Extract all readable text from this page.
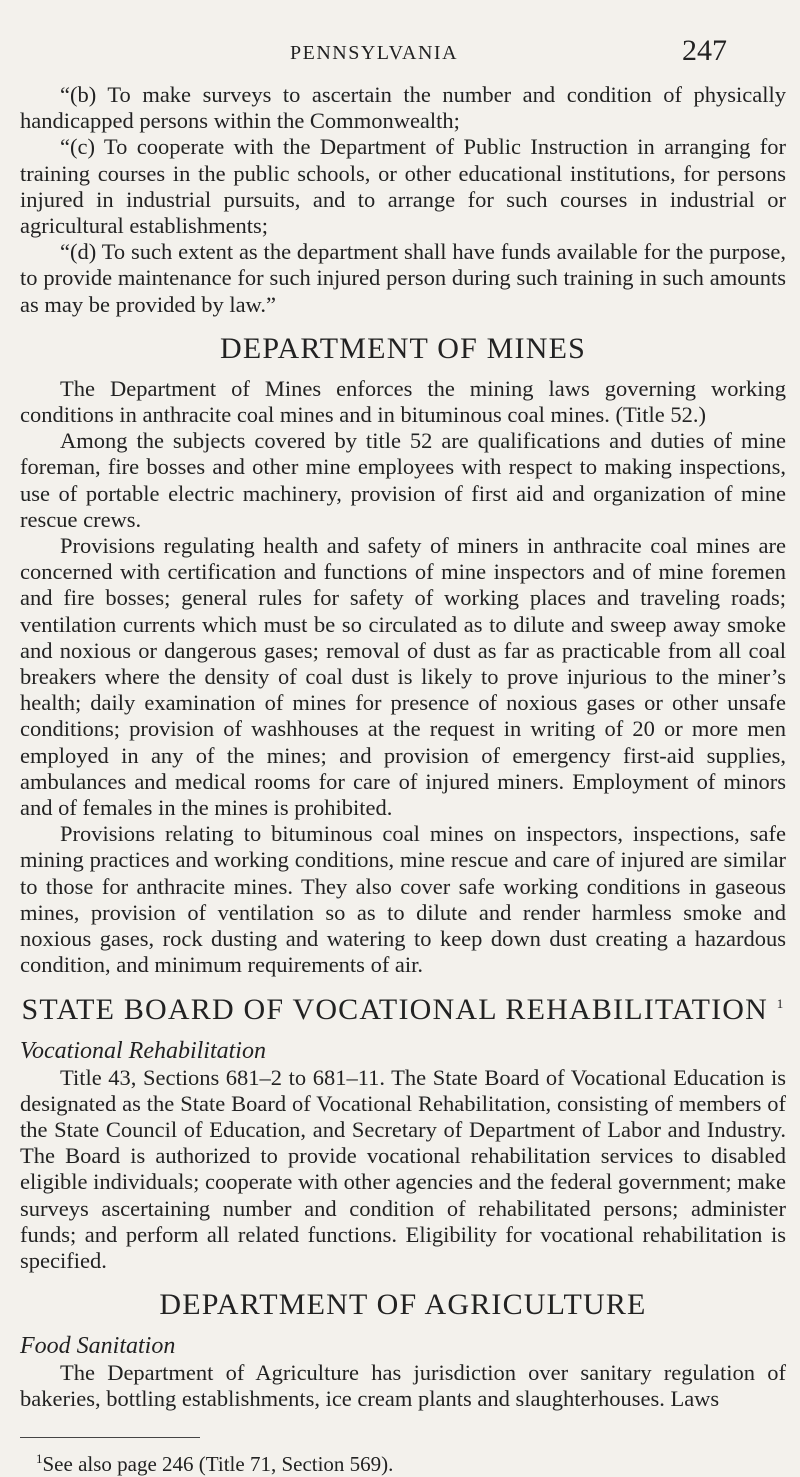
PENNSYLVANIA	247

“(b) To make surveys to ascertain the number and condition of physically handicapped persons within the Commonwealth;

“(c) To cooperate with the Department of Public Instruction in arranging for training courses in the public schools, or other educational institutions, for persons injured in industrial pursuits, and to arrange for such courses in industrial or agricultural establishments;

“(d) To such extent as the department shall have funds available for the purpose, to provide maintenance for such injured person during such training in such amounts as may be provided by law.”

DEPARTMENT OF MINES

The Department of Mines enforces the mining laws governing working conditions in anthracite coal mines and in bituminous coal mines. (Title 52.)

Among the subjects covered by title 52 are qualifications and duties of mine foreman, fire bosses and other mine employees with respect to making inspections, use of portable electric machinery, provision of first aid and organization of mine rescue crews.

Provisions regulating health and safety of miners in anthracite coal mines are concerned with certification and functions of mine inspectors and of mine foremen and fire bosses; general rules for safety of working places and traveling roads; ventilation currents which must be so circulated as to dilute and sweep away smoke and noxious or dangerous gases; removal of dust as far as practicable from all coal breakers where the density of coal dust is likely to prove injurious to the miner’s health; daily examination of mines for presence of noxious gases or other unsafe conditions; provision of washhouses at the request in writing of 20 or more men employed in any of the mines; and provision of emergency first-aid supplies, ambulances and medical rooms for care of injured miners. Employment of minors and of females in the mines is prohibited.

Provisions relating to bituminous coal mines on inspectors, inspections, safe mining practices and working conditions, mine rescue and care of injured are similar to those for anthracite mines. They also cover safe working conditions in gaseous mines, provision of ventilation so as to dilute and render harmless smoke and noxious gases, rock dusting and watering to keep down dust creating a hazardous condition, and minimum requirements of air.

STATE BOARD OF VOCATIONAL REHABILITATION $^1$
Vocational Rehabilitation

Title 43, Sections 681–2 to 681–11. The State Board of Vocational Education is designated as the State Board of Vocational Rehabilitation, consisting of members of the State Council of Education, and Secretary of Department of Labor and Industry. The Board is authorized to provide vocational rehabilitation services to disabled eligible individuals; cooperate with other agencies and the federal government; make surveys ascertaining number and condition of rehabilitated persons; administer funds; and perform all related functions. Eligibility for vocational rehabilitation is specified.

DEPARTMENT OF AGRICULTURE
Food Sanitation

The Department of Agriculture has jurisdiction over sanitary regulation of bakeries, bottling establishments, ice cream plants and slaughterhouses. Laws

$^1$See also page 246 (Title 71, Section 569).
